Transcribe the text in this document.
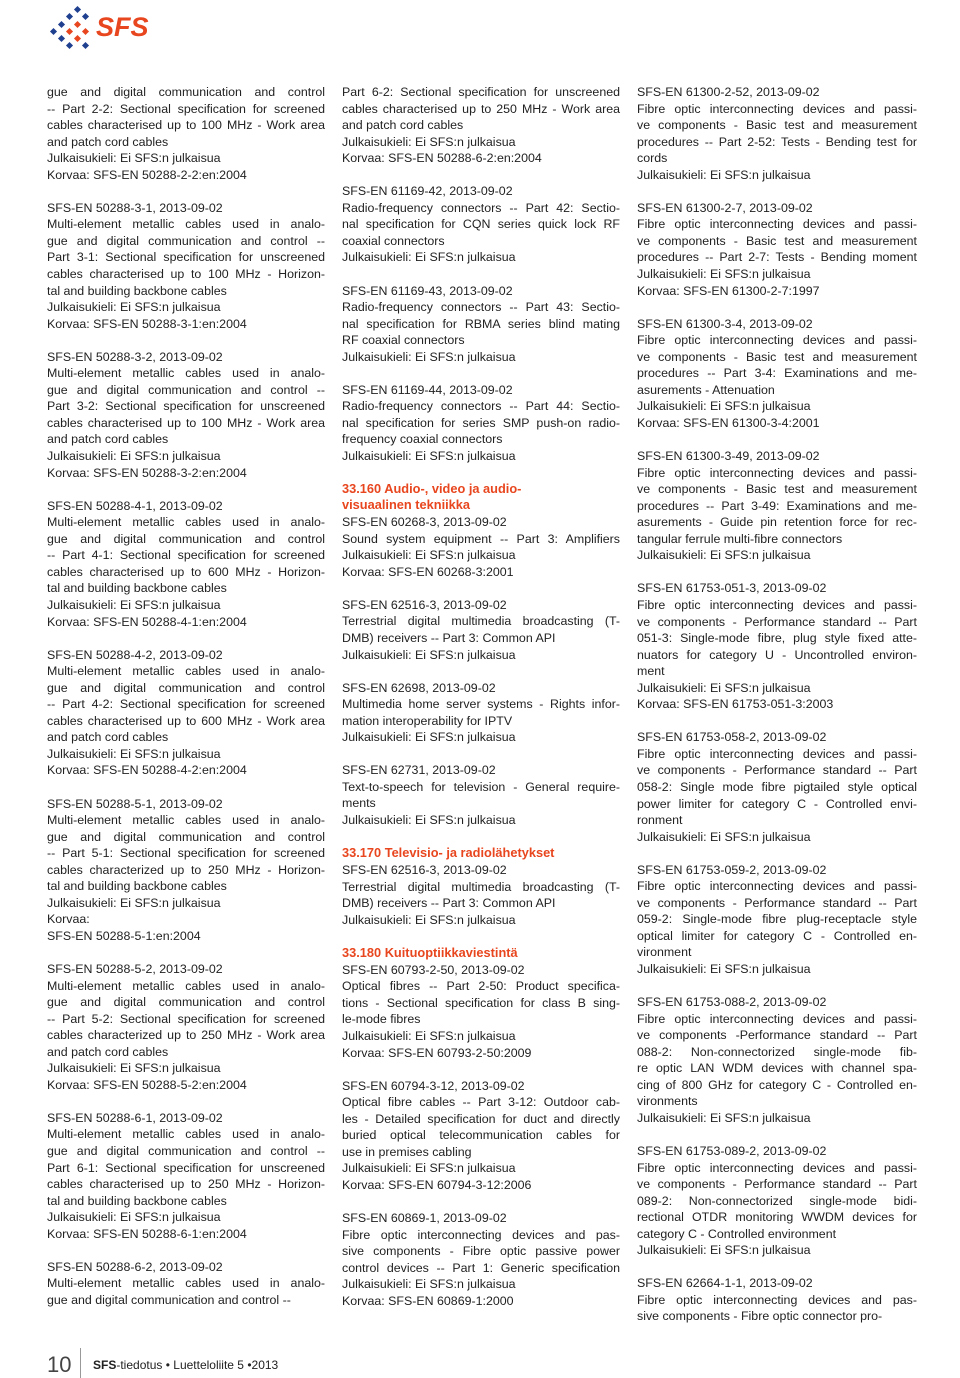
SFS
gue and digital communication and control
-- Part 2-2: Sectional specification for screened
cables characterised up to 100 MHz - Work area
and patch cord cables
Julkaisukieli: Ei SFS:n julkaisua
Korvaa: SFS-EN 50288-2-2:en:2004
SFS-EN 50288-3-1, 2013-09-02
Multi-element metallic cables used in analo-
gue and digital communication and control --
Part 3-1: Sectional specification for unscreened
cables characterised up to 100 MHz - Horizon-
tal and building backbone cables
Julkaisukieli: Ei SFS:n julkaisua
Korvaa: SFS-EN 50288-3-1:en:2004
SFS-EN 50288-3-2, 2013-09-02
Multi-element metallic cables used in analo-
gue and digital communication and control --
Part 3-2: Sectional specification for unscreened
cables characterised up to 100 MHz - Work area
and patch cord cables
Julkaisukieli: Ei SFS:n julkaisua
Korvaa: SFS-EN 50288-3-2:en:2004
SFS-EN 50288-4-1, 2013-09-02
Multi-element metallic cables used in analo-
gue and digital communication and control
-- Part 4-1: Sectional specification for screened
cables characterised up to 600 MHz - Horizon-
tal and building backbone cables
Julkaisukieli: Ei SFS:n julkaisua
Korvaa: SFS-EN 50288-4-1:en:2004
SFS-EN 50288-4-2, 2013-09-02
Multi-element metallic cables used in analo-
gue and digital communication and control
-- Part 4-2: Sectional specification for screened
cables characterised up to 600 MHz - Work area
and patch cord cables
Julkaisukieli: Ei SFS:n julkaisua
Korvaa: SFS-EN 50288-4-2:en:2004
SFS-EN 50288-5-1, 2013-09-02
Multi-element metallic cables used in analo-
gue and digital communication and control
-- Part 5-1: Sectional specification for screened
cables characterized up to 250 MHz - Horizon-
tal and building backbone cables
Julkaisukieli: Ei SFS:n julkaisua
Korvaa:
SFS-EN 50288-5-1:en:2004
SFS-EN 50288-5-2, 2013-09-02
Multi-element metallic cables used in analo-
gue and digital communication and control
-- Part 5-2: Sectional specification for screened
cables characterized up to 250 MHz - Work area
and patch cord cables
Julkaisukieli: Ei SFS:n julkaisua
Korvaa: SFS-EN 50288-5-2:en:2004
SFS-EN 50288-6-1, 2013-09-02
Multi-element metallic cables used in analo-
gue and digital communication and control --
Part 6-1: Sectional specification for unscreened
cables characterised up to 250 MHz - Horizon-
tal and building backbone cables
Julkaisukieli: Ei SFS:n julkaisua
Korvaa: SFS-EN 50288-6-1:en:2004
SFS-EN 50288-6-2, 2013-09-02
Multi-element metallic cables used in analo-
gue and digital communication and control --
Part 6-2: Sectional specification for unscreened
cables characterised up to 250 MHz - Work area
and patch cord cables
Julkaisukieli: Ei SFS:n julkaisua
Korvaa: SFS-EN 50288-6-2:en:2004
SFS-EN 61169-42, 2013-09-02
Radio-frequency connectors -- Part 42: Sectio-
nal specification for CQN series quick lock RF
coaxial connectors
Julkaisukieli: Ei SFS:n julkaisua
SFS-EN 61169-43, 2013-09-02
Radio-frequency connectors -- Part 43: Sectio-
nal specification for RBMA series blind mating
RF coaxial connectors
Julkaisukieli: Ei SFS:n julkaisua
SFS-EN 61169-44, 2013-09-02
Radio-frequency connectors -- Part 44: Sectio-
nal specification for series SMP push-on radio-
frequency coaxial connectors
Julkaisukieli: Ei SFS:n julkaisua
33.160 Audio-, video ja audio-
visuaalinen tekniikka
SFS-EN 60268-3, 2013-09-02
Sound system equipment -- Part 3: Amplifiers
Julkaisukieli: Ei SFS:n julkaisua
Korvaa: SFS-EN 60268-3:2001
SFS-EN 62516-3, 2013-09-02
Terrestrial digital multimedia broadcasting (T-
DMB) receivers -- Part 3: Common API
Julkaisukieli: Ei SFS:n julkaisua
SFS-EN 62698, 2013-09-02
Multimedia home server systems - Rights infor-
mation interoperability for IPTV
Julkaisukieli: Ei SFS:n julkaisua
SFS-EN 62731, 2013-09-02
Text-to-speech for television - General require-
ments
Julkaisukieli: Ei SFS:n julkaisua
33.170 Televisio- ja radiolähetykset
SFS-EN 62516-3, 2013-09-02
Terrestrial digital multimedia broadcasting (T-
DMB) receivers -- Part 3: Common API
Julkaisukieli: Ei SFS:n julkaisua
33.180 Kuituoptiikkaviestintä
SFS-EN 60793-2-50, 2013-09-02
Optical fibres -- Part 2-50: Product specifica-
tions - Sectional specification for class B sing-
le-mode fibres
Julkaisukieli: Ei SFS:n julkaisua
Korvaa: SFS-EN 60793-2-50:2009
SFS-EN 60794-3-12, 2013-09-02
Optical fibre cables -- Part 3-12: Outdoor cab-
les - Detailed specification for duct and directly
buried optical telecommunication cables for
use in premises cabling
Julkaisukieli: Ei SFS:n julkaisua
Korvaa: SFS-EN 60794-3-12:2006
SFS-EN 60869-1, 2013-09-02
Fibre optic interconnecting devices and pas-
sive components - Fibre optic passive power
control devices -- Part 1: Generic specification
Julkaisukieli: Ei SFS:n julkaisua
Korvaa: SFS-EN 60869-1:2000
SFS-EN 61300-2-52, 2013-09-02
Fibre optic interconnecting devices and passi-
ve components - Basic test and measurement
procedures -- Part 2-52: Tests - Bending test for
cords
Julkaisukieli: Ei SFS:n julkaisua
SFS-EN 61300-2-7, 2013-09-02
Fibre optic interconnecting devices and passi-
ve components - Basic test and measurement
procedures -- Part 2-7: Tests - Bending moment
Julkaisukieli: Ei SFS:n julkaisua
Korvaa: SFS-EN 61300-2-7:1997
SFS-EN 61300-3-4, 2013-09-02
Fibre optic interconnecting devices and passi-
ve components - Basic test and measurement
procedures -- Part 3-4: Examinations and me-
asurements - Attenuation
Julkaisukieli: Ei SFS:n julkaisua
Korvaa: SFS-EN 61300-3-4:2001
SFS-EN 61300-3-49, 2013-09-02
Fibre optic interconnecting devices and passi-
ve components - Basic test and measurement
procedures -- Part 3-49: Examinations and me-
asurements - Guide pin retention force for rec-
tangular ferrule multi-fibre connectors
Julkaisukieli: Ei SFS:n julkaisua
SFS-EN 61753-051-3, 2013-09-02
Fibre optic interconnecting devices and passi-
ve components - Performance standard -- Part
051-3: Single-mode fibre, plug style fixed atte-
nuators for category U - Uncontrolled environ-
ment
Julkaisukieli: Ei SFS:n julkaisua
Korvaa: SFS-EN 61753-051-3:2003
SFS-EN 61753-058-2, 2013-09-02
Fibre optic interconnecting devices and passi-
ve components - Performance standard -- Part
058-2: Single mode fibre pigtailed style optical
power limiter for category C - Controlled envi-
ronment
Julkaisukieli: Ei SFS:n julkaisua
SFS-EN 61753-059-2, 2013-09-02
Fibre optic interconnecting devices and passi-
ve components - Performance standard -- Part
059-2: Single-mode fibre plug-receptacle style
optical limiter for category C - Controlled en-
vironment
Julkaisukieli: Ei SFS:n julkaisua
SFS-EN 61753-088-2, 2013-09-02
Fibre optic interconnecting devices and passi-
ve components -Performance standard -- Part
088-2: Non-connectorized single-mode fib-
re optic LAN WDM devices with channel spa-
cing of 800 GHz for category C - Controlled en-
vironments
Julkaisukieli: Ei SFS:n julkaisua
SFS-EN 61753-089-2, 2013-09-02
Fibre optic interconnecting devices and passi-
ve components - Performance standard -- Part
089-2: Non-connectorized single-mode bidi-
rectional OTDR monitoring WWDM devices for
category C - Controlled environment
Julkaisukieli: Ei SFS:n julkaisua
SFS-EN 62664-1-1, 2013-09-02
Fibre optic interconnecting devices and pas-
sive components - Fibre optic connector pro-
10 SFS-tiedotus • Luetteloliite 5 •2013
